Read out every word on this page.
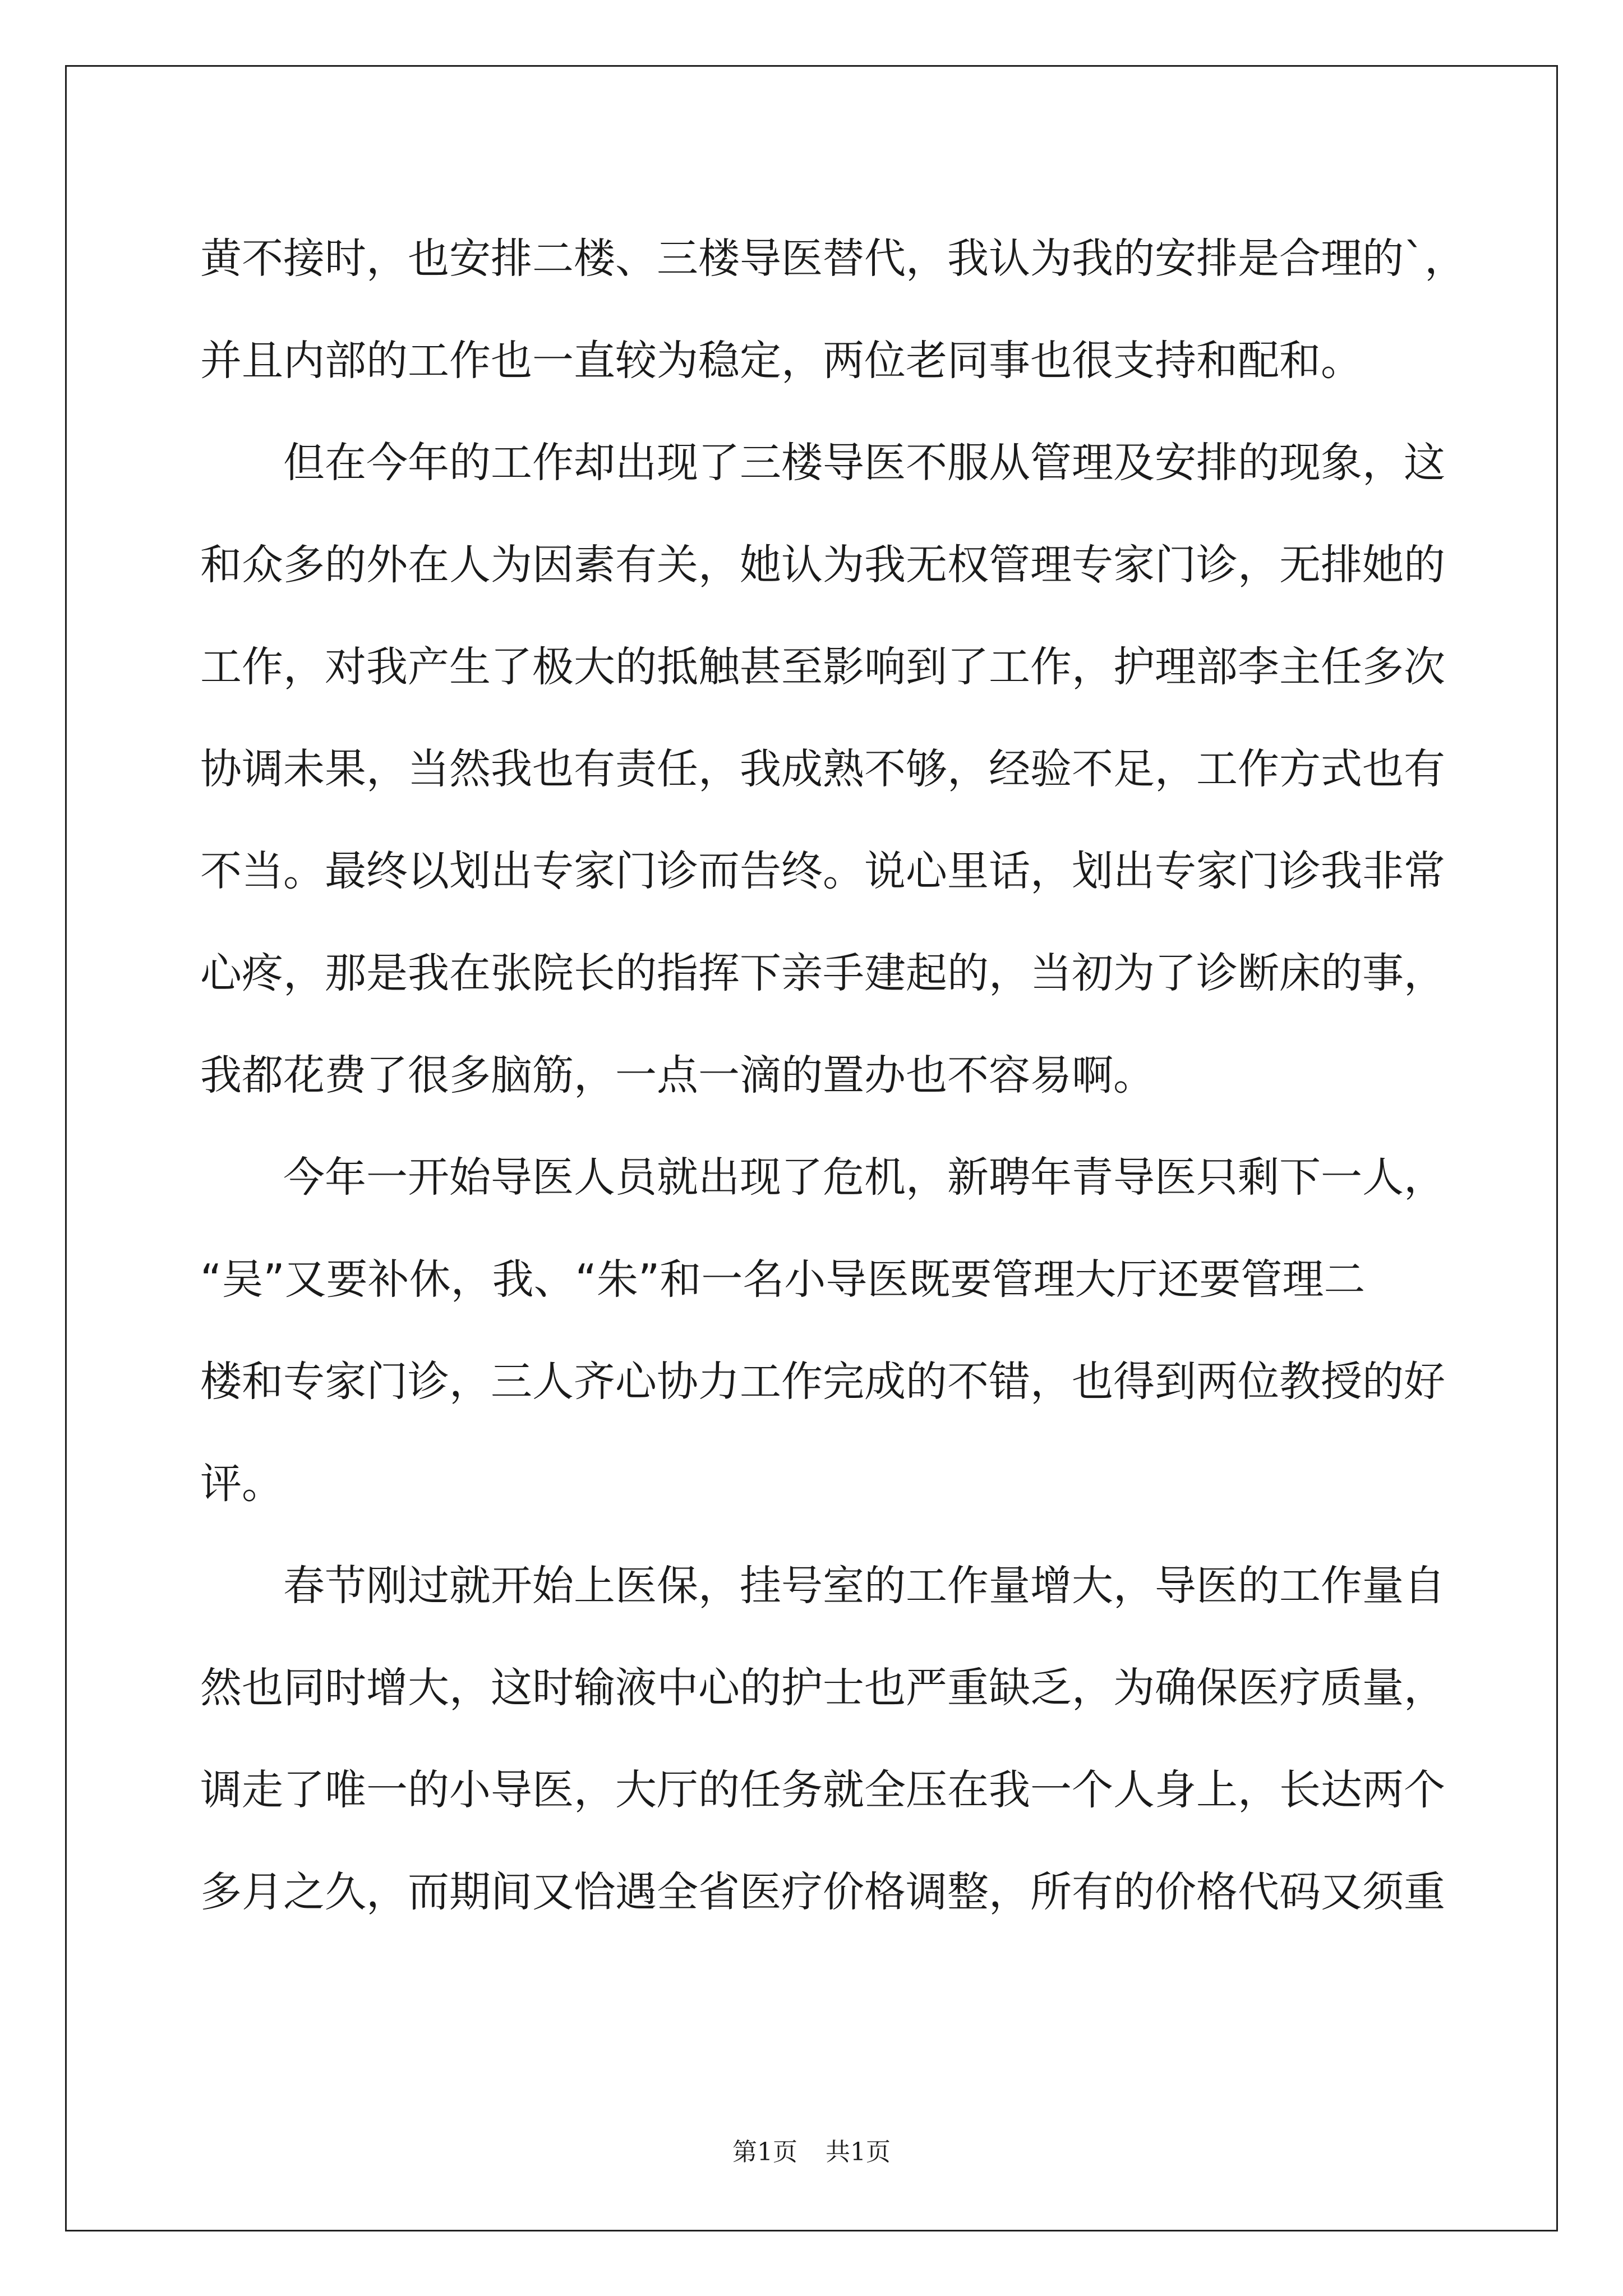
黄不接时，也安排二楼、三楼导医替代，我认为我的安排是合理的`，
并且内部的工作也一直较为稳定，两位老同事也很支持和配和。
但在今年的工作却出现了三楼导医不服从管理及安排的现象，这
和众多的外在人为因素有关，她认为我无权管理专家门诊，无排她的
工作，对我产生了极大的抵触甚至影响到了工作，护理部李主任多次
协调未果，当然我也有责任，我成熟不够，经验不足，工作方式也有
不当。最终以划出专家门诊而告终。说心里话，划出专家门诊我非常
心疼，那是我在张院长的指挥下亲手建起的，当初为了诊断床的事，
我都花费了很多脑筋，一点一滴的置办也不容易啊。
今年一开始导医人员就出现了危机，新聘年青导医只剩下一人，
“吴”又要补休，我、“朱”和一名小导医既要管理大厅还要管理二
楼和专家门诊，三人齐心协力工作完成的不错，也得到两位教授的好
评。
春节刚过就开始上医保，挂号室的工作量增大，导医的工作量自
然也同时增大，这时输液中心的护士也严重缺乏，为确保医疗质量，
调走了唯一的小导医，大厅的任务就全压在我一个人身上，长达两个
多月之久，而期间又恰遇全省医疗价格调整，所有的价格代码又须重
第1页 共1页
